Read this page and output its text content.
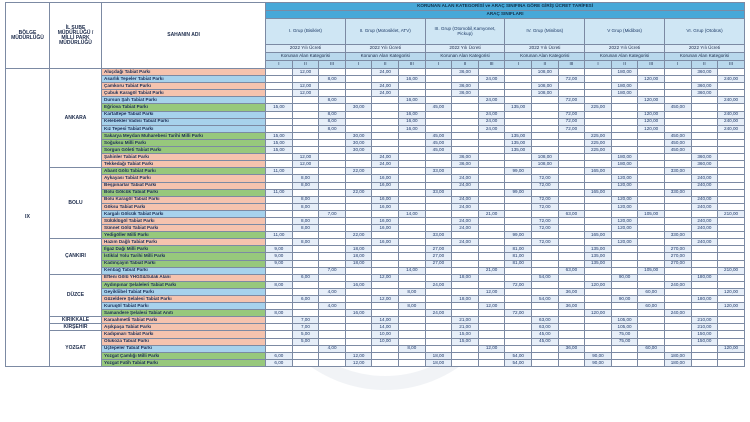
BÖLGE MÜDÜRLÜĞÜ	İL ŞUBE MÜDÜRLÜĞÜ / MİLLİ PARK MÜDÜRLÜĞÜ	SAHANIN ADI	KORUNAN ALAN KATEGORİSİ ve ARAÇ SINIFINA GÖRE GİRİŞ ÜCRET TARİFESİ																	
			ARAÇ SINIFLARI																	
			I. Grup (Bisiklet)			II. Grup (Motosiklet, ATV)			III. Grup (Otomobil,Kamyonet, Pickup)			IV. Grup (Minibüs)			V Grup (Midibüs)			VI. Grup (Otobüs)		
			2022 Yılı Ücreti			2022 Yılı Ücreti			2022 Yılı Ücreti			2022 Yılı Ücreti			2022 Yılı Ücreti			2022 Yılı Ücreti		
			Korunan Alan Kategorisi			Korunan Alan Kategorisi			Korunan Alan Kategorisi			Korunan Alan Kategorisi			Korunan Alan Kategorisi			Korunan Alan Kategorisi		
			I	II	III	I	II	III	I	II	III	I	II	III	I	II	III	I	II	III
IX	ANKARA	Aluçdağı Tabiat Parkı		12,00			24,00			36,00			108,00			180,00			360,00	
		Asarlık Tepeler Tabiat Parkı			8,00			16,00			24,00			72,00			120,00			240,00
		Çamkoru Tabiat Parkı		12,00			24,00			36,00			108,00			180,00			360,00	
		Çubuk Karagöl Tabiat Parkı		12,00			24,00			36,00			108,00			180,00			360,00	
		Dursun Şah Tabiat Parkı			8,00			16,00			24,00			72,00			120,00			240,00
		Eğriova Tabiat Parkı	15,00			30,00			45,00			135,00			225,00			450,00		
		Kartaltepe Tabiat Parkı			8,00			16,00			24,00			72,00			120,00			240,00
		Kelebekler Vadisi Tabiat Parkı			8,00			16,00			24,00			72,00			120,00			240,00
		Kız Tepesi Tabiat Parkı			8,00			16,00			24,00			72,00			120,00			240,00
		Sakarya Meydan Muharebesi Tarihi Milli Parkı	15,00			30,00			45,00			135,00			225,00			450,00		
		Soğuksu Milli Parkı	15,00			30,00			45,00			135,00			225,00			450,00		
		Sorgun Göleti Tabiat Parkı	15,00			30,00			45,00			135,00			225,00			450,00		
		Şahinler Tabiat Parkı		12,00			24,00			36,00			108,00			180,00			360,00	
		Tekkedağı Tabiat Parkı		12,00			24,00			36,00			108,00			180,00			360,00	
	BOLU	Abant Gölü Tabiat Parkı	11,00			22,00			33,00			99,00			165,00			330,00		
		Aykayası Tabiat Parkı		8,00			16,00			24,00			72,00			120,00			240,00	
		Beşpınarlar Tabiat Parkı		8,00			16,00			24,00			72,00			120,00			240,00	
		Bolu Gölcük Tabiat Parkı	11,00			22,00			33,00			99,00			165,00			330,00		
		Bolu Karagöl Tabiat Parkı		8,00			16,00			24,00			72,00			120,00			240,00	
		Göksu Tabiat Parkı		8,00			16,00			24,00			72,00			120,00			240,00	
		Kargalı Gölcük Tabiat Parkı			7,00			14,00			21,00			63,00			105,00			210,00
		Sülüklügöl Tabiat Parkı		8,00			16,00			24,00			72,00			120,00			240,00	
		Sünnet Gölü Tabiat Parkı		8,00			16,00			24,00			72,00			120,00			240,00	
		Yedigöller Milli Parkı	11,00			22,00			33,00			99,00			165,00			330,00		
	ÇANKIRI	Hazım Dağlı Tabiat Parkı		8,00			16,00			24,00			72,00			120,00			240,00	
		Ilgaz Dağı Milli Parkı	9,00			18,00			27,00			81,00			135,00			270,00		
		İstiklal Yolu Tarihi Milli Parkı	9,00			18,00			27,00			81,00			135,00			270,00		
		Kadınçayın Tabiat Parkı	9,00			18,00			27,00			81,00			135,00			270,00		
		Kenbağ Tabiat Parkı			7,00			14,00			21,00			63,00			105,00			210,00
	DÜZCE	Efteni Gölü YHGS&Sulak Alanı		6,00			12,00			18,00			54,00			90,00			180,00	
		Aydınpınar Şelaleleri Tabiat Parkı	8,00			16,00			24,00			72,00			120,00			240,00		
		Geyikliibel Tabiat Parkı			4,00			8,00			12,00			36,00			60,00			120,00
		Güzeldere Şelalesi Tabiat Parkı		6,00			12,00			18,00			54,00			90,00			180,00	
		Kuruqöl Tabiat Parkı			4,00			8,00			12,00			36,00			60,00			120,00
		Samandere Şelalesi Tabiat Anıtı	8,00			16,00			24,00			72,00			120,00			240,00		
	KIRIKKALE	Karaahmetli Tabiat Parkı		7,00			14,00			21,00			63,00			105,00			210,00	
	KIRŞEHİR	Aşıkpaşa Tabiat Parkı		7,00			14,00			21,00			63,00			105,00			210,00	
	YOZGAT	Kadıpınarı Tabiat Parkı		5,00			10,00			15,00			45,00			75,00			150,00	
		Olukoza Tabiat Parkı		5,00			10,00			15,00			45,00			75,00			150,00	
		Üçtepeler Tabiat Parkı			4,00			8,00			12,00			36,00			60,00			120,00
		Yozgat Çamlığı Milli Parkı	6,00			12,00			18,00			54,00			90,00			180,00		
		Yozgat Fatih Tabiat Parkı	6,00			12,00			18,00			54,00			90,00			180,00		
